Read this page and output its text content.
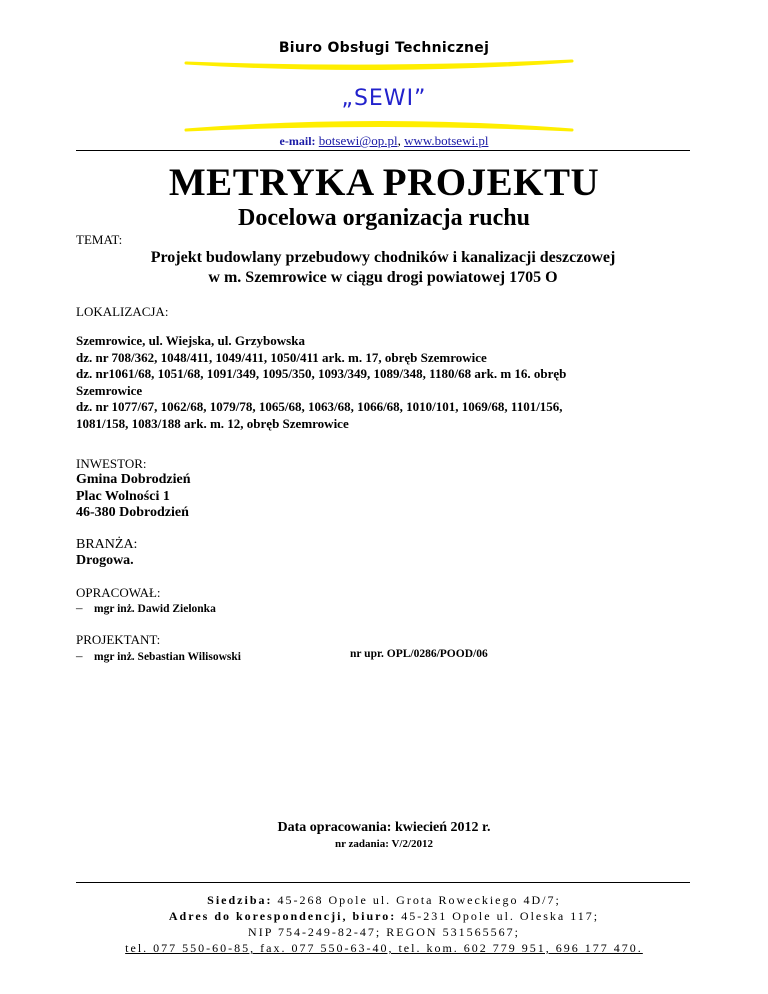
Biuro Obsługi Technicznej
„SEWI”
e-mail: botsewi@op.pl, www.botsewi.pl
METRYKA PROJEKTU
Docelowa organizacja ruchu
TEMAT:
Projekt budowlany przebudowy chodników i kanalizacji deszczowej
w m. Szemrowice w ciągu drogi powiatowej 1705 O
LOKALIZACJA:
Szemrowice, ul. Wiejska, ul. Grzybowska
dz. nr 708/362, 1048/411, 1049/411, 1050/411 ark. m. 17, obręb Szemrowice
dz. nr1061/68, 1051/68, 1091/349, 1095/350, 1093/349, 1089/348, 1180/68 ark. m 16. obręb
Szemrowice
dz. nr 1077/67, 1062/68, 1079/78, 1065/68, 1063/68, 1066/68, 1010/101, 1069/68, 1101/156,
1081/158, 1083/188 ark. m. 12, obręb Szemrowice
INWESTOR:
Gmina Dobrodzień
Plac Wolności 1
46-380 Dobrodzień
BRANŻA:
Drogowa.
OPRACOWAŁ:
– mgr inż. Dawid Zielonka
PROJEKTANT:
– mgr inż. Sebastian Wilisowski	nr upr. OPL/0286/POOD/06
Data opracowania: kwiecień 2012 r.
nr zadania: V/2/2012
Siedziba: 45-268 Opole ul. Grota Roweckiego 4D/7;
Adres do korespondencji, biuro: 45-231 Opole ul. Oleska 117;
NIP 754-249-82-47; REGON 531565567;
tel. 077 550-60-85, fax. 077 550-63-40, tel. kom. 602 779 951, 696 177 470.
